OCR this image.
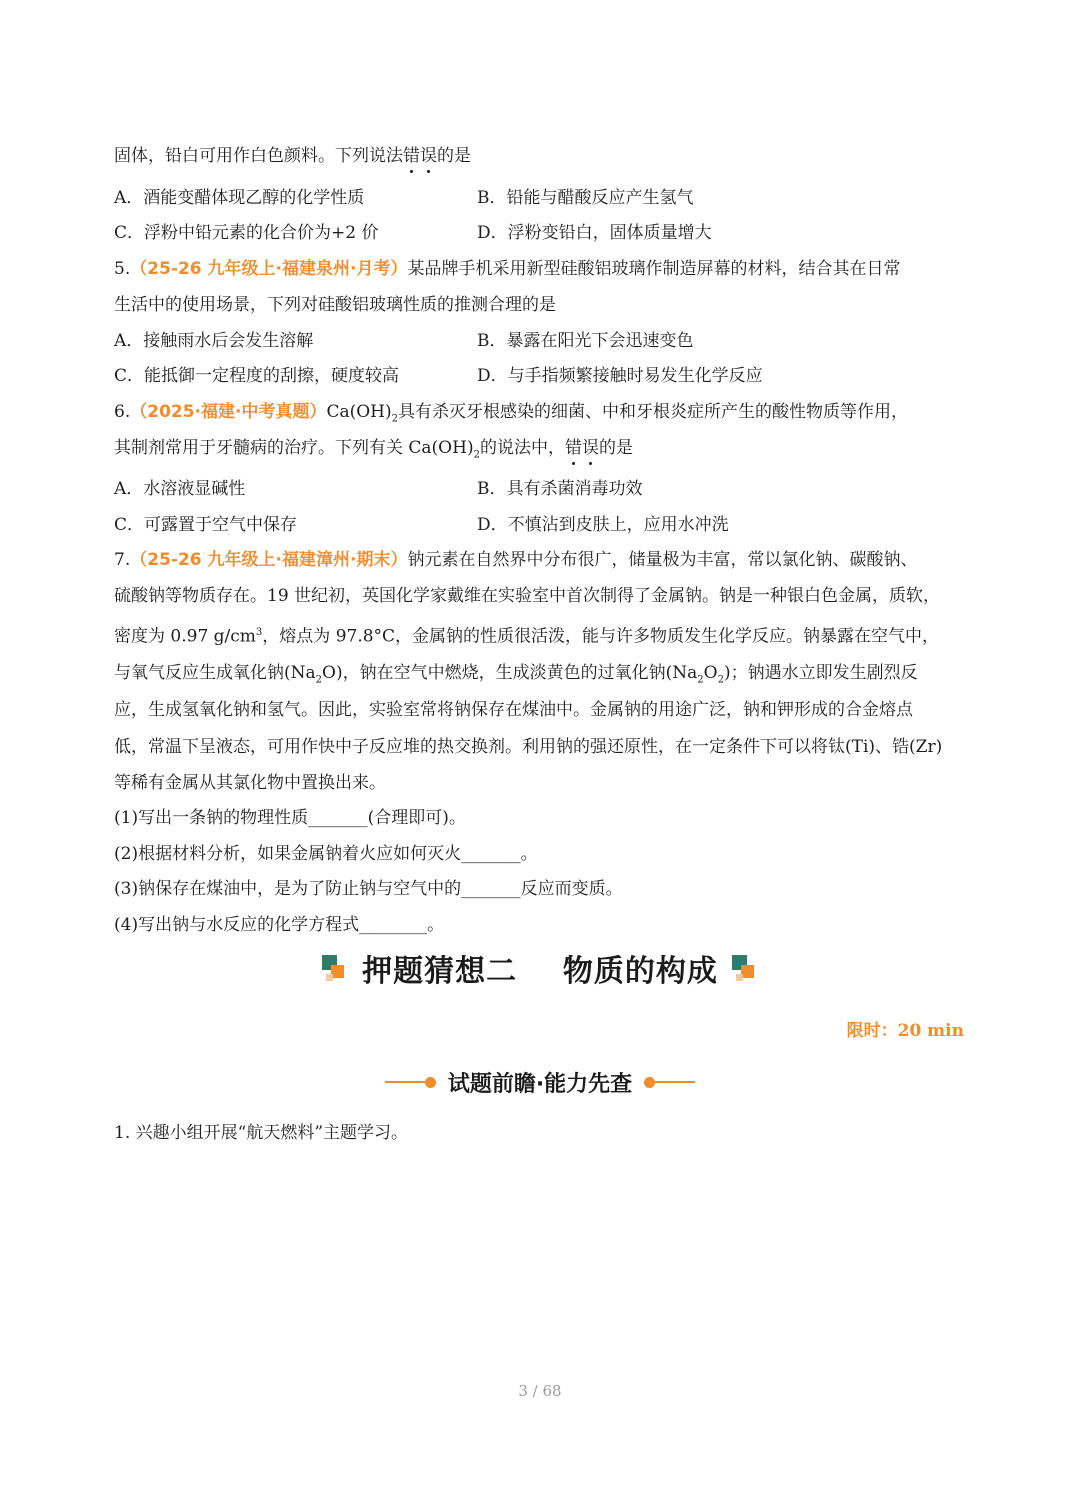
固体，铅白可用作白色颜料。下列说法错误的是
A．酒能变醋体现乙醇的化学性质	B．铅能与醋酸反应产生氢气
C．浮粉中铅元素的化合价为+2 价	D．浮粉变铅白，固体质量增大
5.（25-26 九年级上·福建泉州·月考）某品牌手机采用新型硅酸铝玻璃作制造屏幕的材料，结合其在日常
生活中的使用场景，下列对硅酸铝玻璃性质的推测合理的是
A．接触雨水后会发生溶解	B．暴露在阳光下会迅速变色
C．能抵御一定程度的刮擦，硬度较高	D．与手指频繁接触时易发生化学反应
6.（2025·福建·中考真题）$Ca(OH)_2$具有杀灭牙根感染的细菌、中和牙根炎症所产生的酸性物质等作用，
其制剂常用于牙髓病的治疗。下列有关 $Ca(OH)_2$的说法中，错误的是
A．水溶液显碱性	B．具有杀菌消毒功效
C．可露置于空气中保存	D．不慎沾到皮肤上，应用水冲洗
7.（25-26 九年级上·福建漳州·期末）钠元素在自然界中分布很广，储量极为丰富，常以氯化钠、碳酸钠、
硫酸钠等物质存在。19 世纪初，英国化学家戴维在实验室中首次制得了金属钠。钠是一种银白色金属，质软，
密度为 0.97 $g/cm^3$，熔点为 97.8°C，金属钠的性质很活泼，能与许多物质发生化学反应。钠暴露在空气中，
与氧气反应生成氧化钠$(Na_2O)$，钠在空气中燃烧，生成淡黄色的过氧化钠$(Na_2O_2)$；钠遇水立即发生剧烈反
应，生成氢氧化钠和氢气。因此，实验室常将钠保存在煤油中。金属钠的用途广泛，钠和钾形成的合金熔点
低，常温下呈液态，可用作快中子反应堆的热交换剂。利用钠的强还原性，在一定条件下可以将钛(Ti)、锆(Zr)
等稀有金属从其氯化物中置换出来。
(1)写出一条钠的物理性质_______(合理即可)。
(2)根据材料分析，如果金属钠着火应如何灭火_______。
(3)钠保存在煤油中，是为了防止钠与空气中的_______反应而变质。
(4)写出钠与水反应的化学方程式________。
押题猜想二    物质的构成
限时：20 min
试题前瞻·能力先查
1. 兴趣小组开展“航天燃料”主题学习。
3 / 68
